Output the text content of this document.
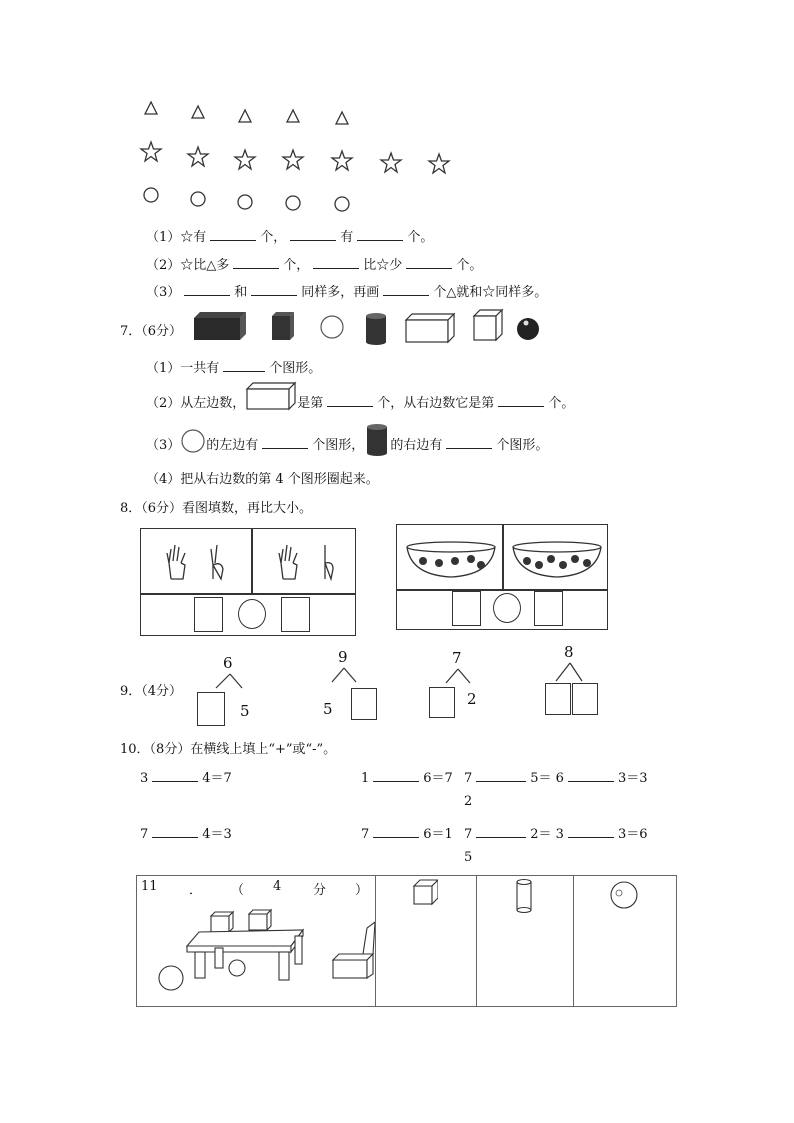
（1）☆有	个，	有	个。
（2）☆比△多	个，	比☆少	个。
（3）	和	同样多，再画	个△就和☆同样多。
7．（6分）
（1）一共有	个图形。
（2）从左边数，	是第	个，从右边数它是第	个。
（3） 的左边有	个图形， 的右边有	个图形。
（4）把从右边数的第 4 个图形圈起来。
8．（6分）看图填数，再比大小。
9．（4分）
6
5
9
5
7
2
8
10．（8分）在横线上填上“+”或“-”。
3	4＝7	1	6＝7 7	5＝ 6	3＝3
2
7	4＝3	7	6＝1 7	2＝ 3	3＝6
5
11 ． （ 4 分 ）
